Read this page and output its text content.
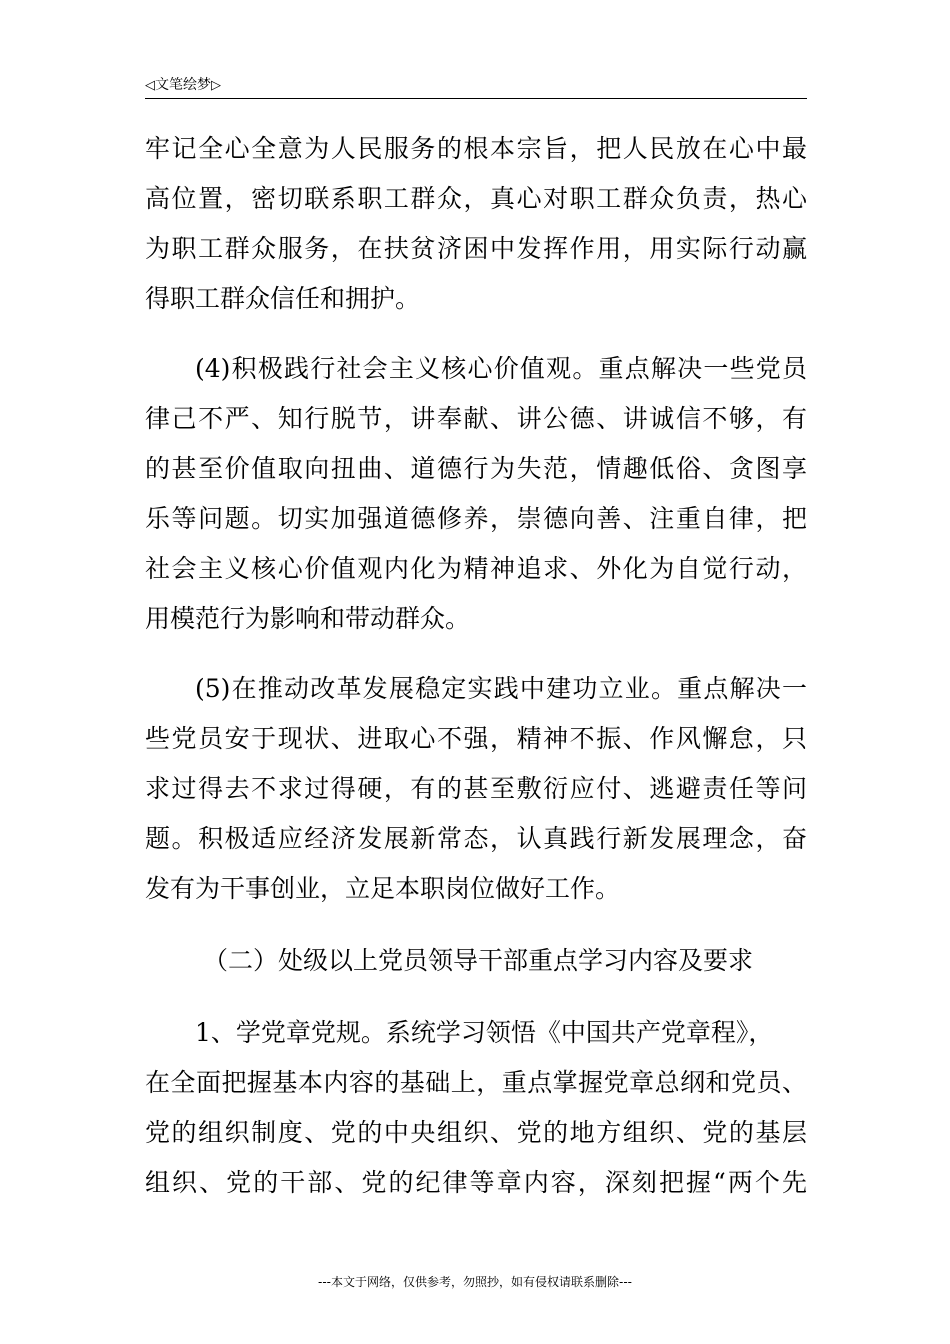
◁文笔绘梦▷
牢记全心全意为人民服务的根本宗旨，把人民放在心中最
高位置，密切联系职工群众，真心对职工群众负责，热心
为职工群众服务，在扶贫济困中发挥作用，用实际行动赢
得职工群众信任和拥护。
(4)积极践行社会主义核心价值观。重点解决一些党员
律己不严、知行脱节，讲奉献、讲公德、讲诚信不够，有
的甚至价值取向扭曲、道德行为失范，情趣低俗、贪图享
乐等问题。切实加强道德修养，崇德向善、注重自律，把
社会主义核心价值观内化为精神追求、外化为自觉行动，
用模范行为影响和带动群众。
(5)在推动改革发展稳定实践中建功立业。重点解决一
些党员安于现状、进取心不强，精神不振、作风懈怠，只
求过得去不求过得硬，有的甚至敷衍应付、逃避责任等问
题。积极适应经济发展新常态，认真践行新发展理念，奋
发有为干事创业，立足本职岗位做好工作。
（二）处级以上党员领导干部重点学习内容及要求
1、学党章党规。系统学习领悟《中国共产党章程》，
在全面把握基本内容的基础上，重点掌握党章总纲和党员、
党的组织制度、党的中央组织、党的地方组织、党的基层
组织、党的干部、党的纪律等章内容，深刻把握“两个先
---本文于网络，仅供参考，勿照抄，如有侵权请联系删除---
